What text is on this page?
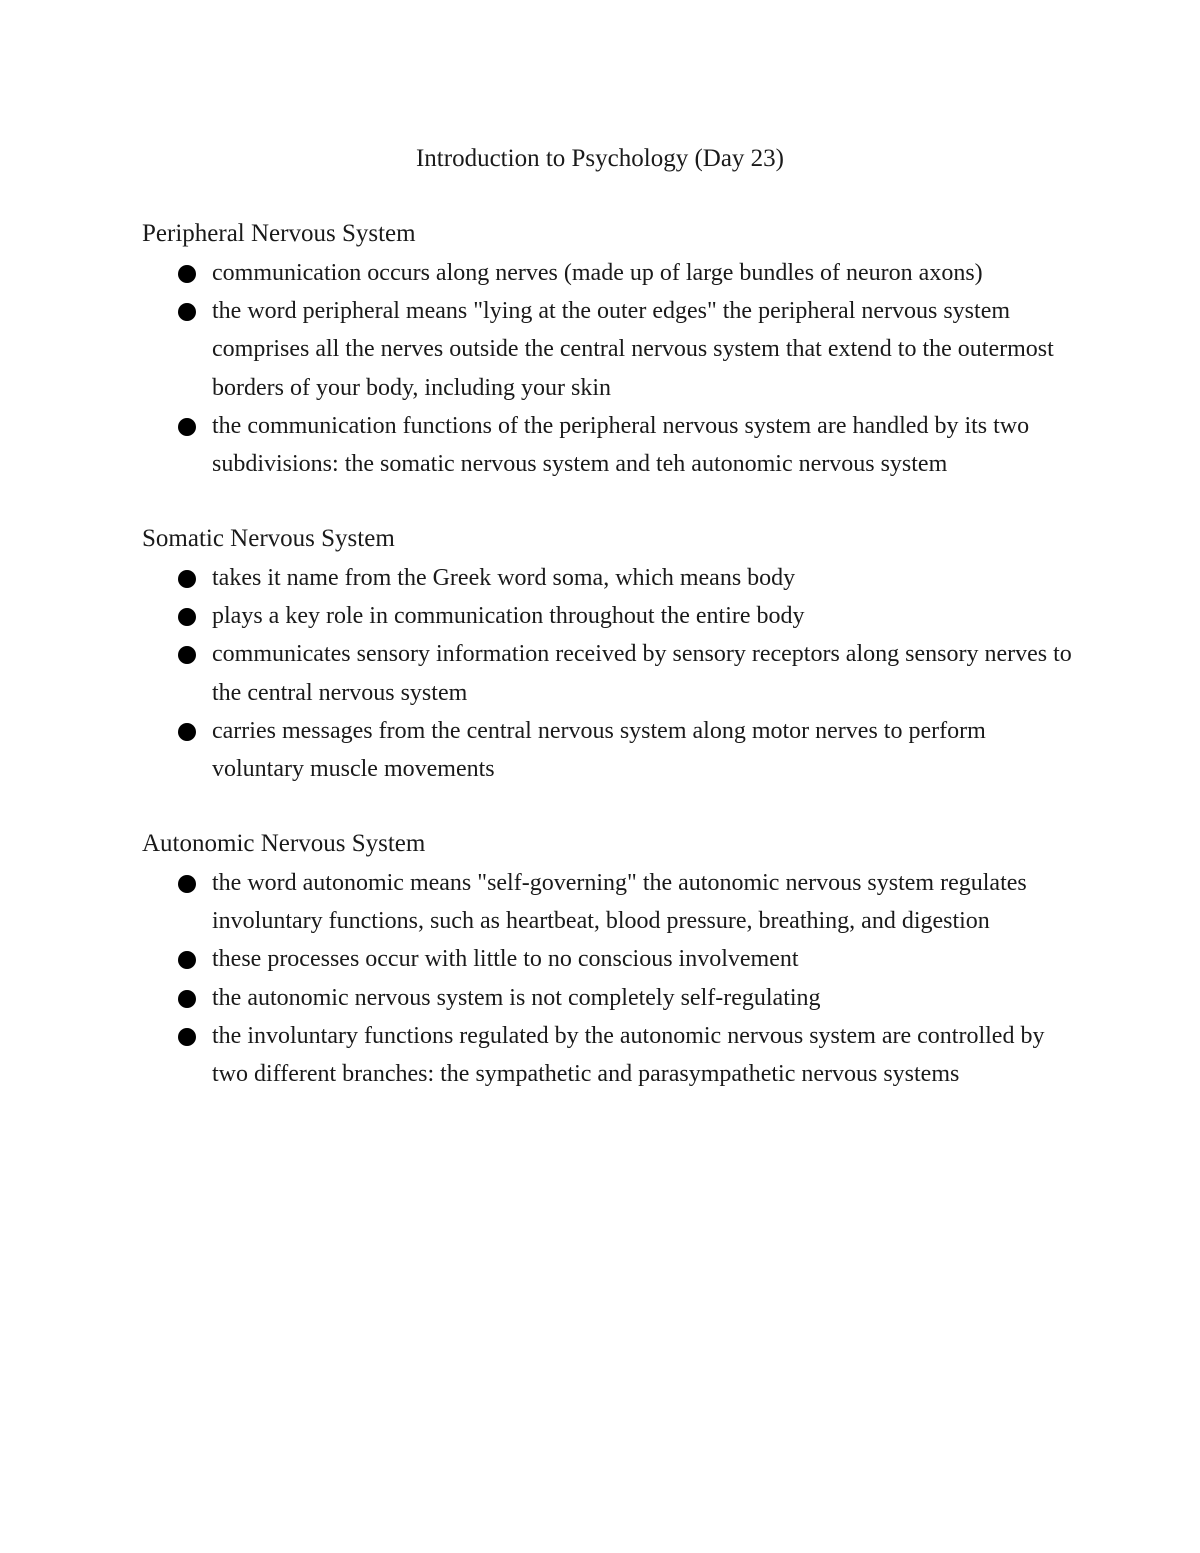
Introduction to Psychology (Day 23)
Peripheral Nervous System
communication occurs along nerves (made up of large bundles of neuron axons)
the word peripheral means "lying at the outer edges" the peripheral nervous system comprises all the nerves outside the central nervous system that extend to the outermost borders of your body, including your skin
the communication functions of the peripheral nervous system are handled by its two subdivisions: the somatic nervous system and teh autonomic nervous system
Somatic Nervous System
takes it name from the Greek word soma, which means body
plays a key role in communication throughout the entire body
communicates sensory information received by sensory receptors along sensory nerves to the central nervous system
carries messages from the central nervous system along motor nerves to perform voluntary muscle movements
Autonomic Nervous System
the word autonomic means "self-governing" the autonomic nervous system regulates involuntary functions, such as heartbeat, blood pressure, breathing, and digestion
these processes occur with little to no conscious involvement
the autonomic nervous system is not completely self-regulating
the involuntary functions regulated by the autonomic nervous system are controlled by two different branches: the sympathetic and parasympathetic nervous systems
